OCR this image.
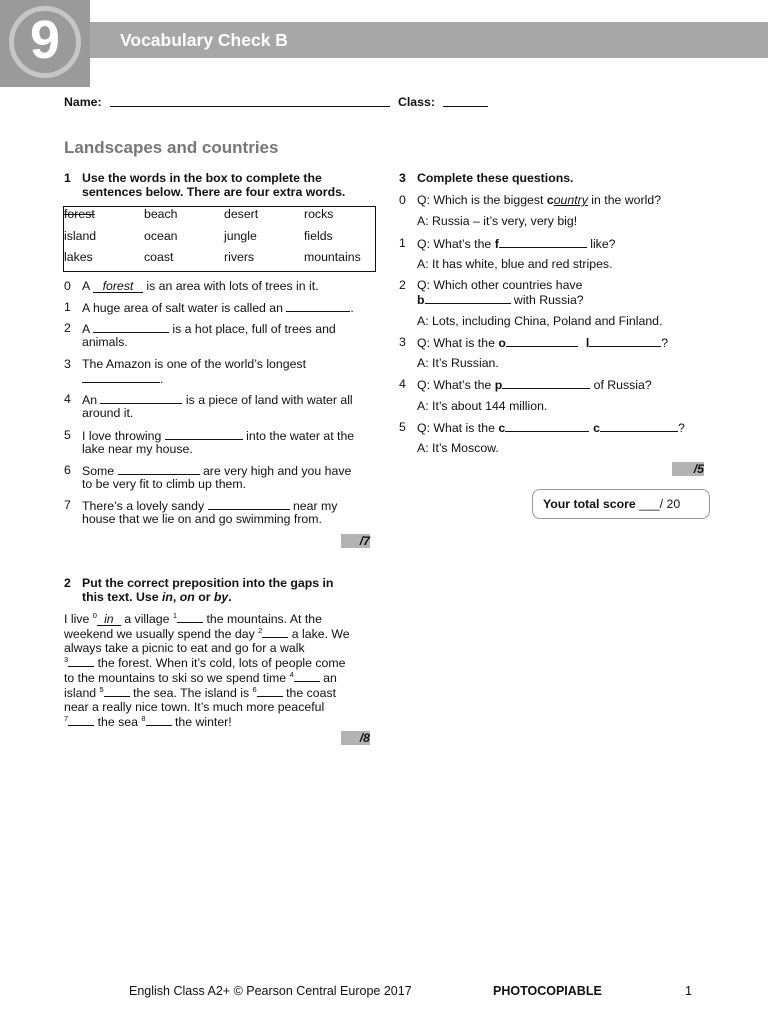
9	Vocabulary Check B
Name:	Class:
Landscapes and countries
1 Use the words in the box to complete the
sentences below. There are four extra words.
forest	beach	desert	rocks
island	ocean	jungle	fields
lakes	coast	rivers	mountains
0 A forest is an area with lots of trees in it.
1 A huge area of salt water is called an	.
2 A	is a hot place, full of trees and
animals.
3 The Amazon is one of the world’s longest
.
4 An	is a piece of land with water all
around it.
5 I love throwing	into the water at the
lake near my house.
6 Some	are very high and you have
to be very fit to climb up them.
7 There’s a lovely sandy	near my
house that we lie on and go swimming from.
/7
2 Put the correct preposition into the gaps in
this text. Use in, on or by.
I live $^0$ in a village $^1$ the mountains. At the
weekend we usually spend the day $^2$ a lake. We
always take a picnic to eat and go for a walk
$^3$ the forest. When it’s cold, lots of people come
to the mountains to ski so we spend time $^4$ an
island $^5$ the sea. The island is $^6$ the coast
near a really nice town. It’s much more peaceful
$^7$ the sea $^8$ the winter!
/8
3 Complete these questions.
0 Q: Which is the biggest country in the world?
A: Russia – it’s very, very big!
1 Q: What’s the f	like?
A: It has white, blue and red stripes.
2 Q: Which other countries have
b	with Russia?
A: Lots, including China, Poland and Finland.
3 Q: What is the o	l	?
A: It’s Russian.
4 Q: What’s the p	of Russia?
A: It’s about 144 million.
5 Q: What is the c	c	?
A: It’s Moscow.
/5
Your total score ___/ 20
English Class A2+ © Pearson Central Europe 2017	PHOTOCOPIABLE	1
